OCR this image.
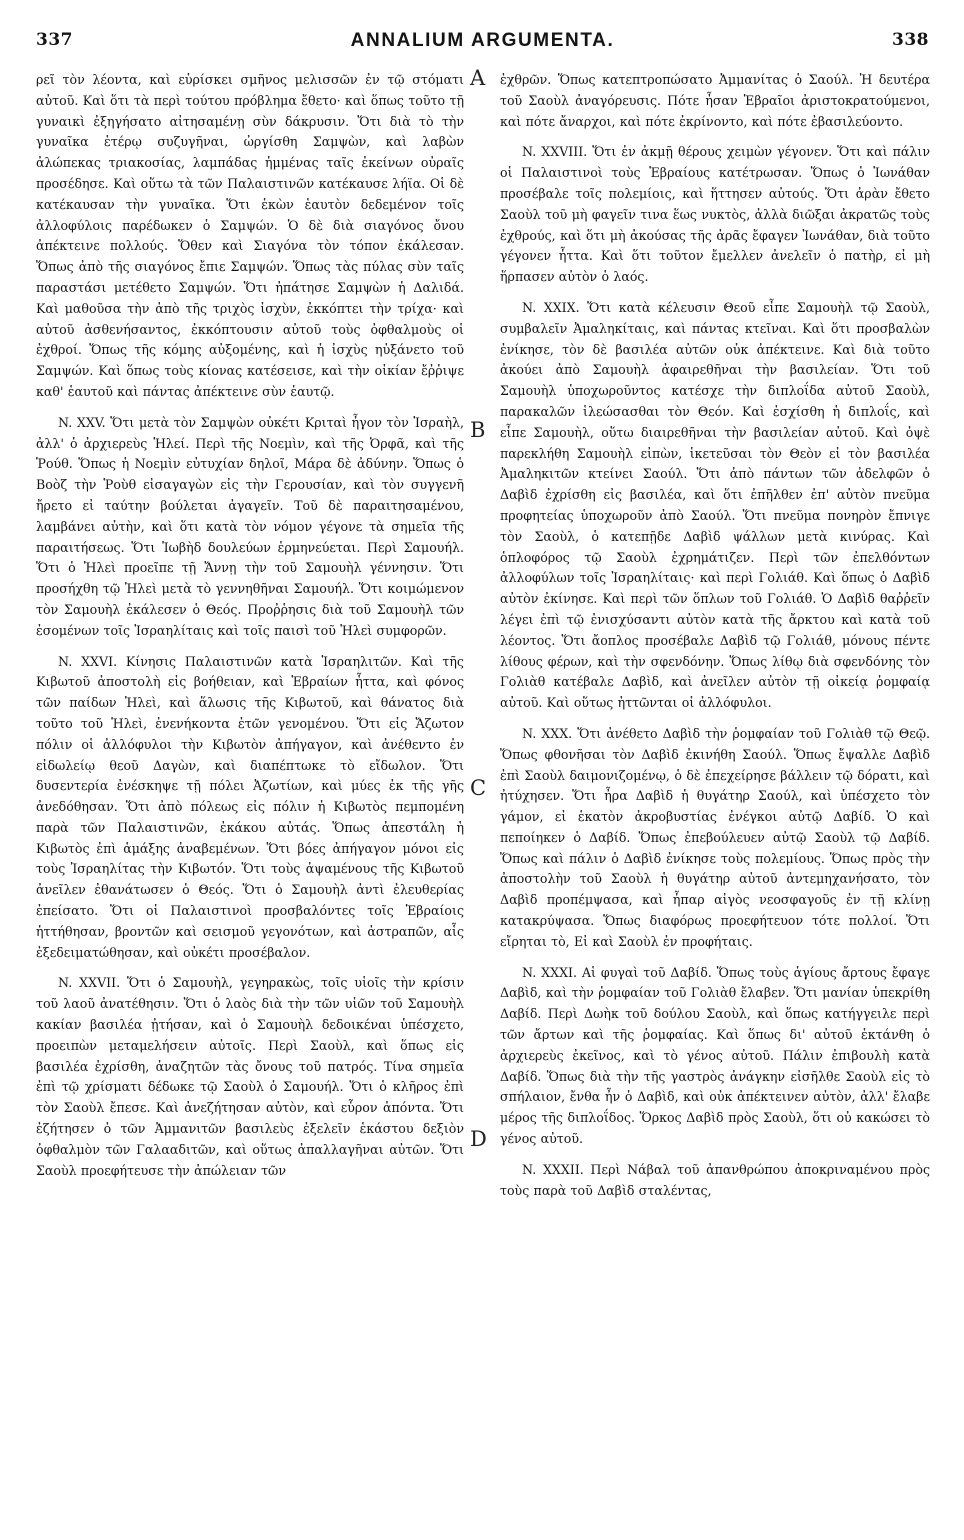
337	ANNALIUM ARGUMENTA.	338

ρεῖ τὸν λέοντα, καὶ εὑρίσκει σμῆνος μελισσῶν ἐν τῷ στόματι αὐτοῦ. Καὶ ὅτι τὰ περὶ τούτου πρόβλημα ἔθετο· καὶ ὅπως τοῦτο τῇ γυναικὶ ἐξηγήσατο αἰτησαμένῃ σὺν δάκρυσιν. Ὅτι διὰ τὸ τὴν γυναῖκα ἑτέρῳ συζυγῆναι, ὠργίσθη Σαμψὼν, καὶ λαβὼν ἀλώπεκας τριακοσίας, λαμπάδας ἡμμένας ταῖς ἐκείνων οὐραῖς προσέδησε. Καὶ οὕτω τὰ τῶν Παλαιστινῶν κατέκαυσε λήϊα. Οἱ δὲ κατέκαυσαν τὴν γυναῖκα. Ὅτι ἑκὼν ἑαυτὸν δεδεμένον τοῖς ἀλλοφύλοις παρέδωκεν ὁ Σαμψών. Ὁ δὲ διὰ σιαγόνος ὄνου ἀπέκτεινε πολλούς. Ὅθεν καὶ Σιαγόνα τὸν τόπον ἐκάλεσαν. Ὅπως ἀπὸ τῆς σιαγόνος ἔπιε Σαμψών. Ὅπως τὰς πύλας σὺν ταῖς παραστάσι μετέθετο Σαμψών. Ὅτι ἠπάτησε Σαμψὼν ἡ Δαλιδά. Καὶ μαθοῦσα τὴν ἀπὸ τῆς τριχὸς ἰσχὺν, ἐκκόπτει τὴν τρίχα· καὶ αὐτοῦ ἀσθενήσαντος, ἐκκόπτουσιν αὐτοῦ τοὺς ὀφθαλμοὺς οἱ ἐχθροί. Ὅπως τῆς κόμης αὐξομένης, καὶ ἡ ἰσχὺς ηὐξάνετο τοῦ Σαμψών. Καὶ ὅπως τοὺς κίονας κατέσεισε, καὶ τὴν οἰκίαν ἔῤῥιψε καθ' ἑαυτοῦ καὶ πάντας ἀπέκτεινε σὺν ἑαυτῷ.

N. XXV. Ὅτι μετὰ τὸν Σαμψὼν οὐκέτι Κριταὶ ἦγον τὸν Ἰσραὴλ, ἀλλ' ὁ ἀρχιερεὺς Ἠλεί. Περὶ τῆς Νοεμὶν, καὶ τῆς Ὀρφᾶ, καὶ τῆς Ῥούθ. Ὅπως ἡ Νοεμὶν εὐτυχίαν δηλοῖ, Μάρα δὲ ἀδύνην. Ὅπως ὁ Βοὸζ τὴν Ῥοὺθ εἰσαγαγὼν εἰς τὴν Γερουσίαν, καὶ τὸν συγγενῆ ἤρετο εἰ ταύτην βούλεται ἀγαγεῖν. Τοῦ δὲ παραιτησαμένου, λαμβάνει αὐτὴν, καὶ ὅτι κατὰ τὸν νόμον γέγονε τὰ σημεῖα τῆς παραιτήσεως. Ὅτι Ἰωβὴδ δουλεύων ἑρμηνεύεται. Περὶ Σαμουήλ. Ὅτι ὁ Ἠλεὶ προεῖπε τῇ Ἄννῃ τὴν τοῦ Σαμουὴλ γέννησιν. Ὅτι προσήχθη τῷ Ἠλεὶ μετὰ τὸ γεννηθῆναι Σαμουήλ. Ὅτι κοιμώμενον τὸν Σαμουὴλ ἐκάλεσεν ὁ Θεός. Προῤῥησις διὰ τοῦ Σαμουὴλ τῶν ἐσομένων τοῖς Ἰσραηλίταις καὶ τοῖς παισὶ τοῦ Ἠλεὶ συμφορῶν.

N. XXVI. Κίνησις Παλαιστινῶν κατὰ Ἰσραηλιτῶν. Καὶ τῆς Κιβωτοῦ ἀποστολὴ εἰς βοήθειαν, καὶ Ἑβραίων ἧττα, καὶ φόνος τῶν παίδων Ἠλεὶ, καὶ ἅλωσις τῆς Κιβωτοῦ, καὶ θάνατος διὰ τοῦτο τοῦ Ἠλεὶ, ἐνενήκοντα ἐτῶν γενομένου. Ὅτι εἰς Ἄζωτον πόλιν οἱ ἀλλόφυλοι τὴν Κιβωτὸν ἀπήγαγον, καὶ ἀνέθεντο ἐν εἰδωλείῳ θεοῦ Δαγὼν, καὶ διαπέπτωκε τὸ εἴδωλον. Ὅτι δυσεντερία ἐνέσκηψε τῇ πόλει Ἀζωτίων, καὶ μύες ἐκ τῆς γῆς ἀνεδόθησαν. Ὅτι ἀπὸ πόλεως εἰς πόλιν ἡ Κιβωτὸς πεμπομένη παρὰ τῶν Παλαιστινῶν, ἐκάκου αὐτάς. Ὅπως ἀπεστάλη ἡ Κιβωτὸς ἐπὶ ἁμάξης ἀναβεμένων. Ὅτι βόες ἀπήγαγον μόνοι εἰς τοὺς Ἰσραηλίτας τὴν Κιβωτόν. Ὅτι τοὺς ἀψαμένους τῆς Κιβωτοῦ ἀνεῖλεν ἐθανάτωσεν ὁ Θεός. Ὅτι ὁ Σαμουὴλ ἀντὶ ἐλευθερίας ἐπείσατο. Ὅτι οἱ Παλαιστινοὶ προσβαλόντες τοῖς Ἑβραίοις ἡττήθησαν, βροντῶν καὶ σεισμοῦ γεγονότων, καὶ ἀστραπῶν, αἷς ἐξεδειματώθησαν, καὶ οὐκέτι προσέβαλον.

N. XXVII. Ὅτι ὁ Σαμουὴλ, γεγηρακὼς, τοῖς υἱοῖς τὴν κρίσιν τοῦ λαοῦ ἀνατέθησιν. Ὅτι ὁ λαὸς διὰ τὴν τῶν υἱῶν τοῦ Σαμουὴλ κακίαν βασιλέα ᾐτήσαν, καὶ ὁ Σαμουὴλ δεδοικέναι ὑπέσχετο, προειπὼν μεταμελήσειν αὐτοῖς. Περὶ Σαοὺλ, καὶ ὅπως εἰς βασιλέα ἐχρίσθη, ἀναζητῶν τὰς ὄνους τοῦ πατρός. Τίνα σημεῖα ἐπὶ τῷ χρίσματι δέδωκε τῷ Σαοὺλ ὁ Σαμουήλ. Ὅτι ὁ κλῆρος ἐπὶ τὸν Σαοὺλ ἔπεσε. Καὶ ἀνεζήτησαν αὐτὸν, καὶ εὗρον ἀπόντα. Ὅτι ἐζήτησεν ὁ τῶν Ἀμμανιτῶν βασιλεὺς ἐξελεῖν ἑκάστου δεξιὸν ὀφθαλμὸν τῶν Γαλααδιτῶν, καὶ οὕτως ἀπαλλαγῆναι αὐτῶν. Ὅτι Σαοὺλ προεφήτευσε τὴν ἀπώλειαν τῶν

A
B
C
D

ἐχθρῶν. Ὅπως κατεπτροπώσατο Ἀμμανίτας ὁ Σαούλ. Ἡ δευτέρα τοῦ Σαοὺλ ἀναγόρευσις. Πότε ἦσαν Ἑβραῖοι ἀριστοκρατούμενοι, καὶ πότε ἄναρχοι, καὶ πότε ἐκρίνοντο, καὶ πότε ἐβασιλεύοντο.

N. XXVIII. Ὅτι ἐν ἀκμῇ θέρους χειμὼν γέγονεν. Ὅτι καὶ πάλιν οἱ Παλαιστινοὶ τοὺς Ἑβραίους κατέτρωσαν. Ὅπως ὁ Ἰωνάθαν προσέβαλε τοῖς πολεμίοις, καὶ ἥττησεν αὐτούς. Ὅτι ἀρὰν ἔθετο Σαοὺλ τοῦ μὴ φαγεῖν τινα ἕως νυκτὸς, ἀλλὰ διῶξαι ἀκρατῶς τοὺς ἐχθρούς, καὶ ὅτι μὴ ἀκούσας τῆς ἀρᾶς ἔφαγεν Ἰωνάθαν, διὰ τοῦτο γέγονεν ἧττα. Καὶ ὅτι τοῦτον ἔμελλεν ἀνελεῖν ὁ πατὴρ, εἰ μὴ ἥρπασεν αὐτὸν ὁ λαός.

N. XXIX. Ὅτι κατὰ κέλευσιν Θεοῦ εἶπε Σαμουὴλ τῷ Σαοὺλ, συμβαλεῖν Ἀμαληκίταις, καὶ πάντας κτεῖναι. Καὶ ὅτι προσβαλὼν ἐνίκησε, τὸν δὲ βασιλέα αὐτῶν οὐκ ἀπέκτεινε. Καὶ διὰ τοῦτο ἀκούει ἀπὸ Σαμουὴλ ἀφαιρεθῆναι τὴν βασιλείαν. Ὅτι τοῦ Σαμουὴλ ὑποχωροῦντος κατέσχε τὴν διπλοΐδα αὐτοῦ Σαοὺλ, παρακαλῶν ἱλεώσασθαι τὸν Θεόν. Καὶ ἐσχίσθη ἡ διπλοΐς, καὶ εἶπε Σαμουὴλ, οὕτω διαιρεθῆναι τὴν βασιλείαν αὐτοῦ. Καὶ ὀψὲ παρεκλήθη Σαμουὴλ εἰπὼν, ἱκετεῦσαι τὸν Θεὸν εἰ τὸν βασιλέα Ἀμαληκιτῶν κτείνει Σαούλ. Ὅτι ἀπὸ πάντων τῶν ἀδελφῶν ὁ Δαβὶδ ἐχρίσθη εἰς βασιλέα, καὶ ὅτι ἐπῆλθεν ἐπ' αὐτὸν πνεῦμα προφητείας ὑποχωροῦν ἀπὸ Σαούλ. Ὅτι πνεῦμα πονηρὸν ἔπνιγε τὸν Σαοὺλ, ὁ κατεπῇδε Δαβὶδ ψάλλων μετὰ κινύρας. Καὶ ὁπλοφόρος τῷ Σαοὺλ ἐχρημάτιζεν. Περὶ τῶν ἐπελθόντων ἀλλοφύλων τοῖς Ἰσραηλίταις· καὶ περὶ Γολιάθ. Καὶ ὅπως ὁ Δαβὶδ αὐτὸν ἐκίνησε. Καὶ περὶ τῶν ὅπλων τοῦ Γολιάθ. Ὁ Δαβὶδ θαῤῥεῖν λέγει ἐπὶ τῷ ἐνισχύσαντι αὐτὸν κατὰ τῆς ἄρκτου καὶ κατὰ τοῦ λέοντος. Ὅτι ἄοπλος προσέβαλε Δαβὶδ τῷ Γολιάθ, μόνους πέντε λίθους φέρων, καὶ τὴν σφενδόνην. Ὅπως λίθῳ διὰ σφενδόνης τὸν Γολιὰθ κατέβαλε Δαβὶδ, καὶ ἀνεῖλεν αὐτὸν τῇ οἰκείᾳ ῥομφαίᾳ αὐτοῦ. Καὶ οὕτως ἡττῶνται οἱ ἀλλόφυλοι.

N. XXX. Ὅτι ἀνέθετο Δαβὶδ τὴν ῥομφαίαν τοῦ Γολιὰθ τῷ Θεῷ. Ὅπως φθονῆσαι τὸν Δαβὶδ ἐκινήθη Σαούλ. Ὅπως ἔψαλλε Δαβὶδ ἐπὶ Σαοὺλ δαιμονιζομένῳ, ὁ δὲ ἐπεχείρησε βάλλειν τῷ δόρατι, καὶ ἠτύχησεν. Ὅτι ἦρα Δαβὶδ ἡ θυγάτηρ Σαούλ, καὶ ὑπέσχετο τὸν γάμον, εἰ ἑκατὸν ἀκροβυστίας ἐνέγκοι αὐτῷ Δαβίδ. Ὁ καὶ πεποίηκεν ὁ Δαβίδ. Ὅπως ἐπεβούλευεν αὐτῷ Σαοὺλ τῷ Δαβίδ. Ὅπως καὶ πάλιν ὁ Δαβὶδ ἐνίκησε τοὺς πολεμίους. Ὅπως πρὸς τὴν ἀποστολὴν τοῦ Σαοὺλ ἡ θυγάτηρ αὐτοῦ ἀντεμηχανήσατο, τὸν Δαβὶδ προπέμψασα, καὶ ἧπαρ αἰγὸς νεοσφαγοῦς ἐν τῇ κλίνῃ κατακρύψασα. Ὅπως διαφόρως προεφήτευον τότε πολλοί. Ὅτι εἴρηται τὸ, Εἰ καὶ Σαοὺλ ἐν προφήταις.

N. XXXI. Αἱ φυγαὶ τοῦ Δαβίδ. Ὅπως τοὺς ἁγίους ἄρτους ἔφαγε Δαβὶδ, καὶ τὴν ῥομφαίαν τοῦ Γολιὰθ ἔλαβεν. Ὅτι μανίαν ὑπεκρίθη Δαβίδ. Περὶ Δωὴκ τοῦ δούλου Σαοὺλ, καὶ ὅπως κατήγγειλε περὶ τῶν ἄρτων καὶ τῆς ῥομφαίας. Καὶ ὅπως δι' αὐτοῦ ἐκτάνθη ὁ ἀρχιερεὺς ἐκεῖνος, καὶ τὸ γένος αὐτοῦ. Πάλιν ἐπιβουλὴ κατὰ Δαβίδ. Ὅπως διὰ τὴν τῆς γαστρὸς ἀνάγκην εἰσῆλθε Σαοὺλ εἰς τὸ σπήλαιον, ἔνθα ἦν ὁ Δαβὶδ, καὶ οὐκ ἀπέκτεινεν αὐτὸν, ἀλλ' ἔλαβε μέρος τῆς διπλοΐδος. Ὅρκος Δαβὶδ πρὸς Σαοὺλ, ὅτι οὐ κακώσει τὸ γένος αὐτοῦ.

N. XXXII. Περὶ Νάβαλ τοῦ ἀπανθρώπου ἀποκριναμένου πρὸς τοὺς παρὰ τοῦ Δαβὶδ σταλέντας,
